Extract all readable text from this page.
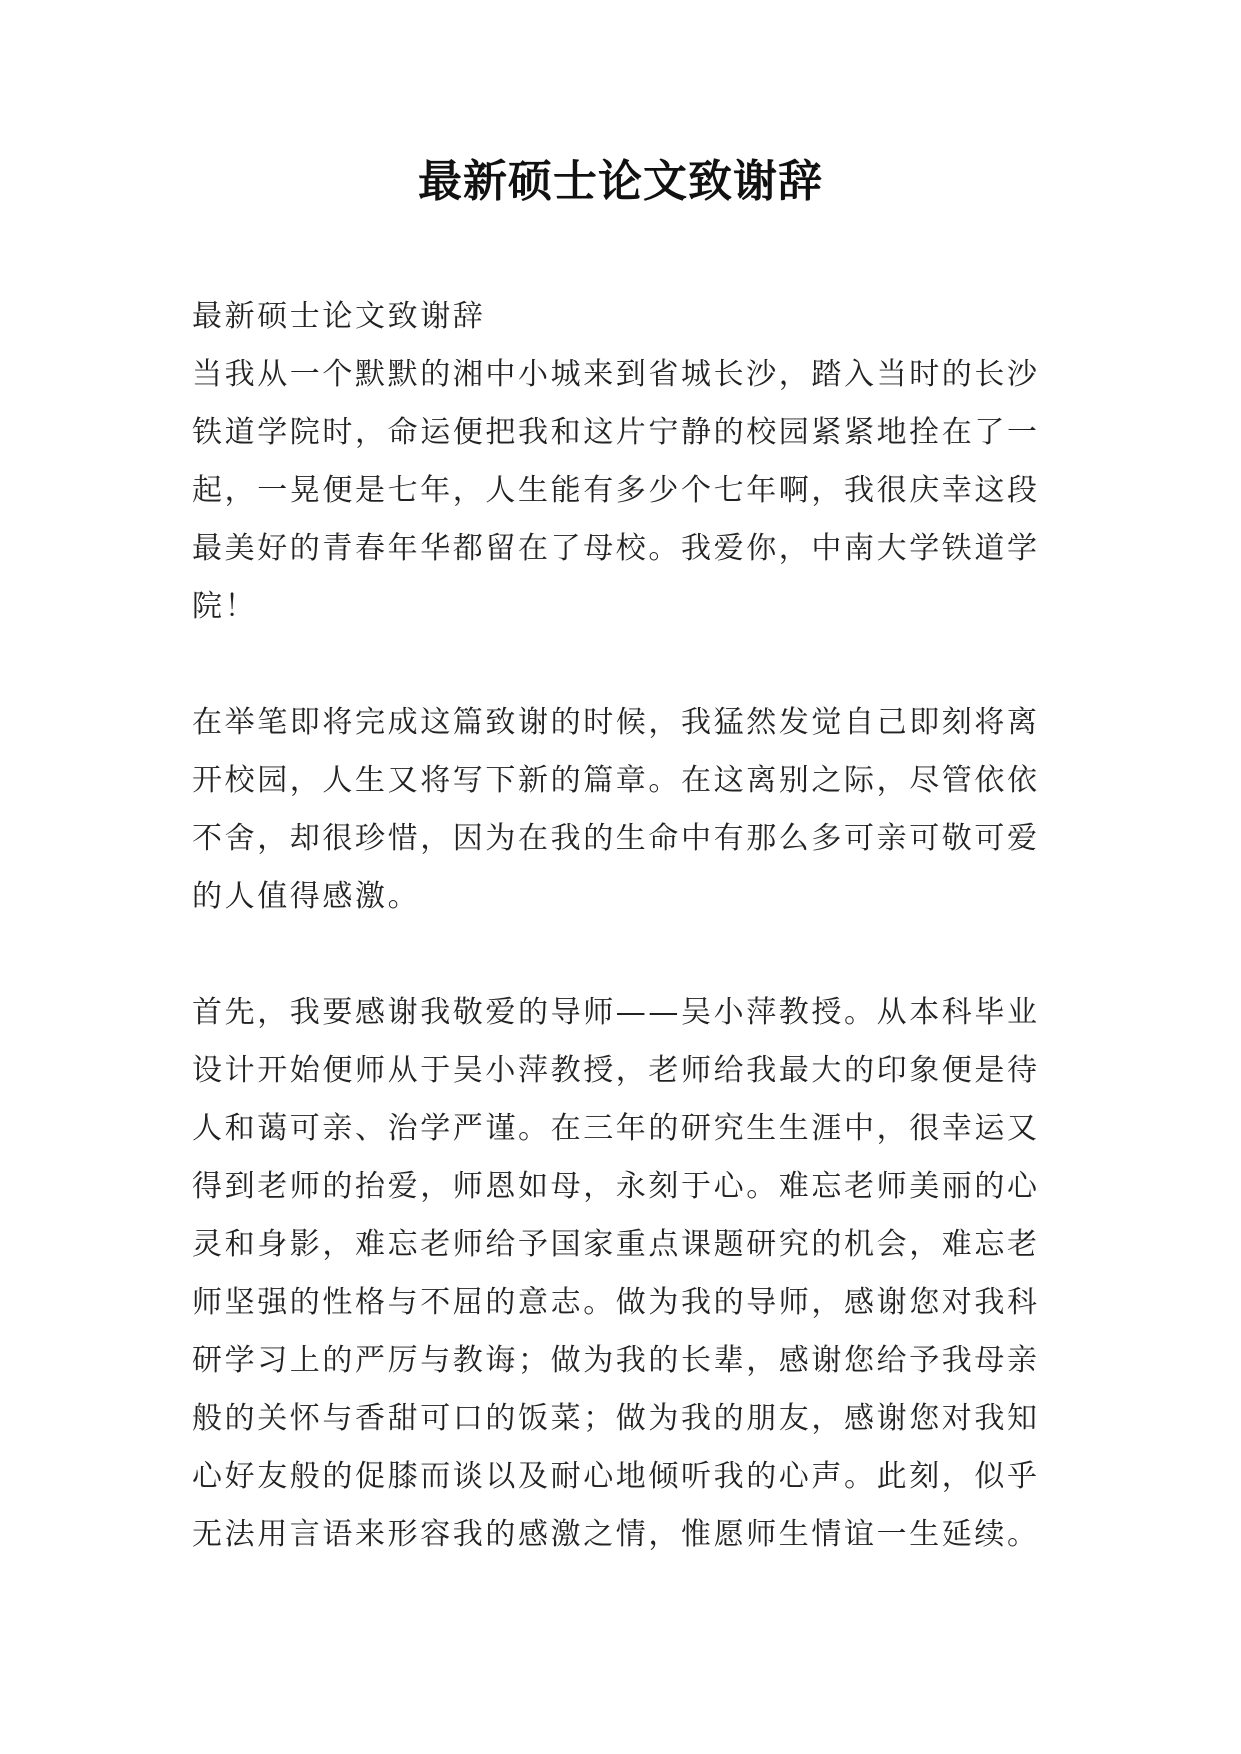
最新硕士论文致谢辞

最新硕士论文致谢辞

当我从一个默默的湘中小城来到省城长沙，踏入当时的长沙铁道学院时，命运便把我和这片宁静的校园紧紧地拴在了一起，一晃便是七年，人生能有多少个七年啊，我很庆幸这段最美好的青春年华都留在了母校。我爱你，中南大学铁道学院！

在举笔即将完成这篇致谢的时候，我猛然发觉自己即刻将离开校园，人生又将写下新的篇章。在这离别之际，尽管依依不舍，却很珍惜，因为在我的生命中有那么多可亲可敬可爱的人值得感激。

首先，我要感谢我敬爱的导师——吴小萍教授。从本科毕业设计开始便师从于吴小萍教授，老师给我最大的印象便是待人和蔼可亲、治学严谨。在三年的研究生生涯中，很幸运又得到老师的抬爱，师恩如母，永刻于心。难忘老师美丽的心灵和身影，难忘老师给予国家重点课题研究的机会，难忘老师坚强的性格与不屈的意志。做为我的导师，感谢您对我科研学习上的严厉与教诲；做为我的长辈，感谢您给予我母亲般的关怀与香甜可口的饭菜；做为我的朋友，感谢您对我知心好友般的促膝而谈以及耐心地倾听我的心声。此刻，似乎无法用言语来形容我的感激之情，惟愿师生情谊一生延续。
